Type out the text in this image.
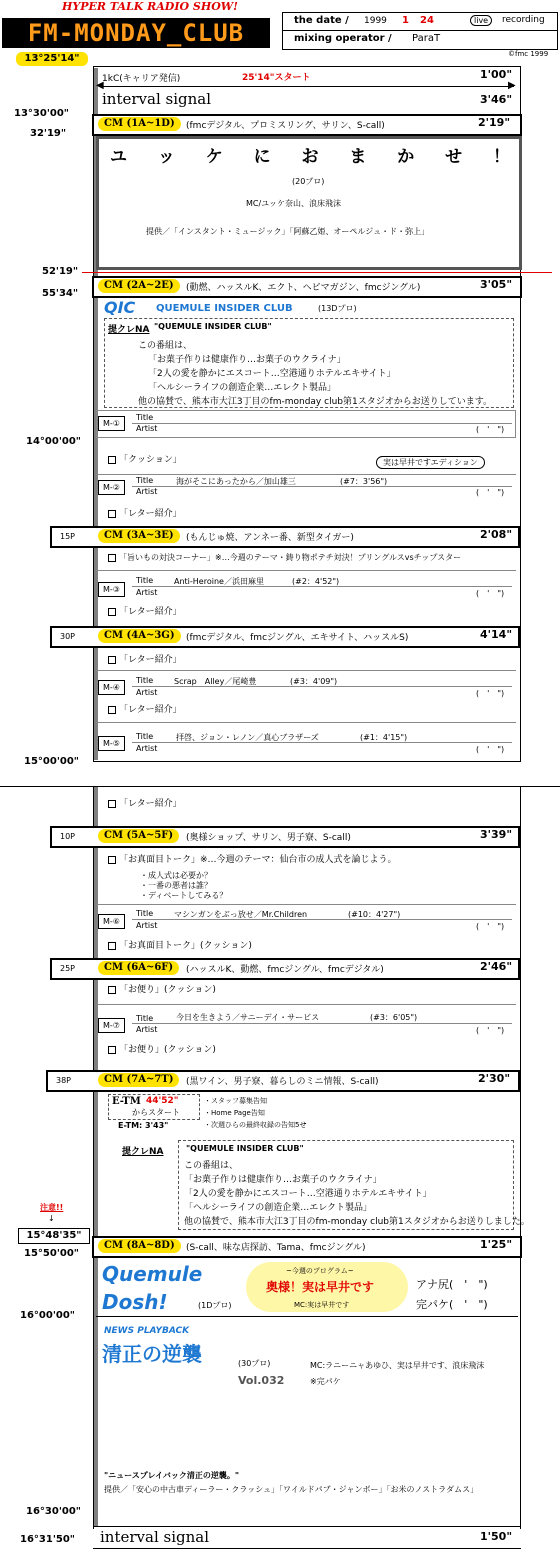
HYPER TALK RADIO SHOW!
FM-MONDAY_CLUB	the date / 1999 1 24	live	recording
mixing operator / ParaT
©fmc 1999
13°25'14"
1kC(キャリア発信)	25'14"スタート	1'00"
◀	▶
interval signal	3'46"
13°30'00"
32'19"
CM (1A~1D)	(fmcデジタル、プロミスリング、サリン、S-call)	2'19"
ユ ッ ケ に お ま か せ ！
(20プロ)
MC/ユッケ奈山、浪床飛沫
提供／「インスタント・ミュージック」「阿蘇乙姫、オーペルジュ・ド・弥上」
52'19"
55'34"
CM (2A~2E)	(動燃、ハッスルK、エクト、ヘビマガジン、fmcジングル)	3'05"
QIC QUEMULE INSIDER CLUB	(13Dプロ)
提クレNA "QUEMULE INSIDER CLUB"
この番組は、
「お菓子作りは健康作り…お菓子のウクライナ」
「2人の愛を静かにエスコート…空港通りホテルエキサイト」
「ヘルシーライフの創造企業…エレクト製品」
他の協賛で、熊本市大江3丁目のfm-monday club第1スタジオからお送りしています。
M-①
Title
Artist	(　'　")
14°00'00"
「クッション」	実は早井ですエディション
M-②
Title	海がそこにあったから／加山雄三	(#7：3'56")
Artist	(　'　")
「レター紹介」
15P	CM (3A~3E)	(もんじゅ焼、アンネー番、新型タイガー)	2'08"
「旨いもの対決コーナー」※…今週のテーマ・鋳り物ポテチ対決！プリングルスvsチップスター
M-③
Title	Anti-Heroine／浜田麻里	(#2：4'52")
Artist	(　'　")
「レター紹介」
30P	CM (4A~3G)	(fmcデジタル、fmcジングル、エキサイト、ハッスルS)	4'14"
「レター紹介」
M-④
Title	Scrap　Alley／尾崎豊	(#3：4'09")
Artist	(　'　")
「レター紹介」
M-⑤
Title	拝啓、ジョン・レノン／真心ブラザーズ	(#1：4'15")
Artist	(　'　")
15°00'00"
「レター紹介」
10P	CM (5A~5F)	(奥様ショップ、サリン、男子寮、S-call)	3'39"
「お真面目トーク」※…今週のテーマ：仙台市の成人式を論じよう。
・成人式は必要か？
・一番の悪者は誰？
・ディベートしてみる？
M-⑥
Title	マシンガンをぶっ放せ／Mr.Children	(#10：4'27")
Artist	(　'　")
「お真面目トーク」(クッション)
25P	CM (6A~6F)	(ハッスルK、動燃、fmcジングル、fmcデジタル)	2'46"
「お便り」(クッション)
M-⑦
Title	今日を生きよう／サニーデイ・サービス	(#3：6'05")
Artist	(　'　")
「お便り」(クッション)
38P	CM (7A~7T)	(黒ワイン、男子寮、暮らしのミニ情報、S-call)	2'30"
E-TM 44'52"
からスタート
E-TM: 3'43"
・スタッフ募集告知
・Home Page告知
・次週ひらの最終収録の告知5せ
提クレNA	"QUEMULE INSIDER CLUB"
この番組は、
「お菓子作りは健康作り…お菓子のウクライナ」
「2人の愛を静かにエスコート…空港通りホテルエキサイト」
「ヘルシーライフの創造企業…エレクト製品」
他の協賛で、熊本市大江3丁目のfm-monday club第1スタジオからお送りしました。
注意!!
↓
15°48'35"
15°50'00"
CM (8A~8D)	(S-call、味な店探訪、Tama、fmcジングル)	1'25"
Quemule
Dosh!	(1Dプロ)
~今週のプログラム~
奥様！実は早井です
MC:実は早井です
アナ尻(　'　")
完パケ(　'　")
16°00'00"
NEWS PLAYBACK
清正の逆襲	(30プロ)	MC:ラニーニャあゆひ、実は早井です、浪床飛沫
Vol.032	※完パケ
"ニュースプレイバック清正の逆襲。"
提供／「安心の中古車ディーラー・クラッシュ」「ワイルドパブ・ジャンボー」「お米のノストラダムス」
16°30'00"
16°31'50" interval signal	1'50"
